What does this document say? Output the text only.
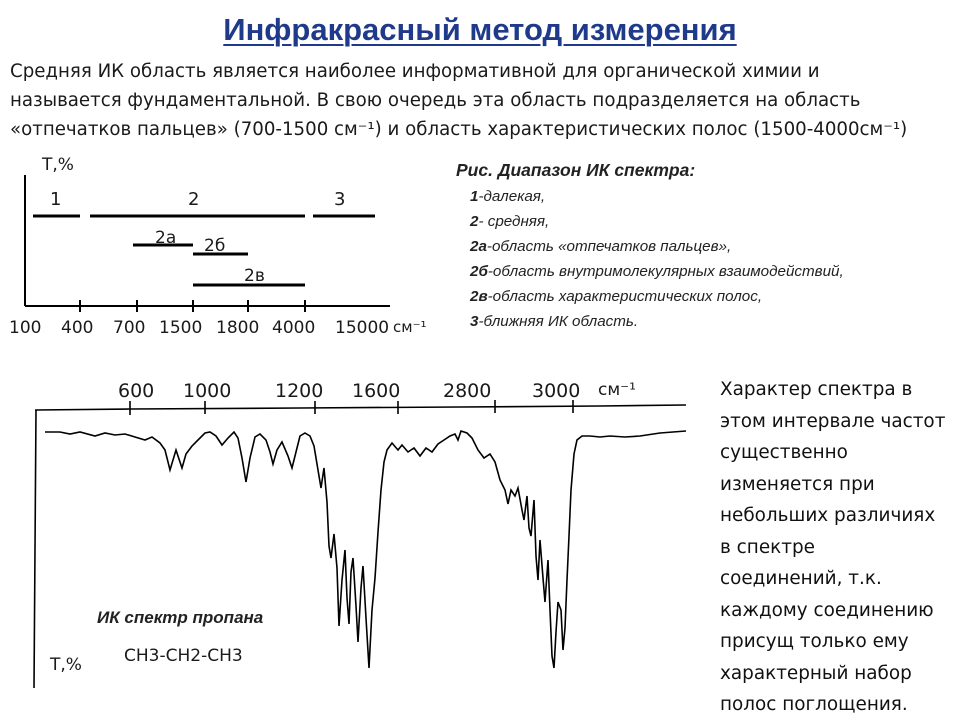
Инфракрасный метод измерения
Средняя ИК область является наиболее информативной для органической химии и
называется фундаментальной. В свою очередь эта область подразделяется на область
«отпечатков пальцев» (700-1500 см⁻¹) и область характеристических полос (1500-4000см⁻¹)
T,%
1	2	3
2а 2б
2в
100 400 700 1500 1800 4000 15000 см⁻¹
Рис. Диапазон ИК спектра:
1-далекая,
2- средняя,
2а-область «отпечатков пальцев»,
2б-область внутримолекулярных взаимодействий,
2в-область характеристических полос,
3-ближняя ИК область.
600 1000 1200 1600 2800 3000 см⁻¹
ИК спектр пропана
CH3-CH2-CH3
T,%
Характер спектра в
этом интервале частот
существенно
изменяется при
небольших различиях
в спектре
соединений, т.к.
каждому соединению
присущ только ему
характерный набор
полос поглощения.
